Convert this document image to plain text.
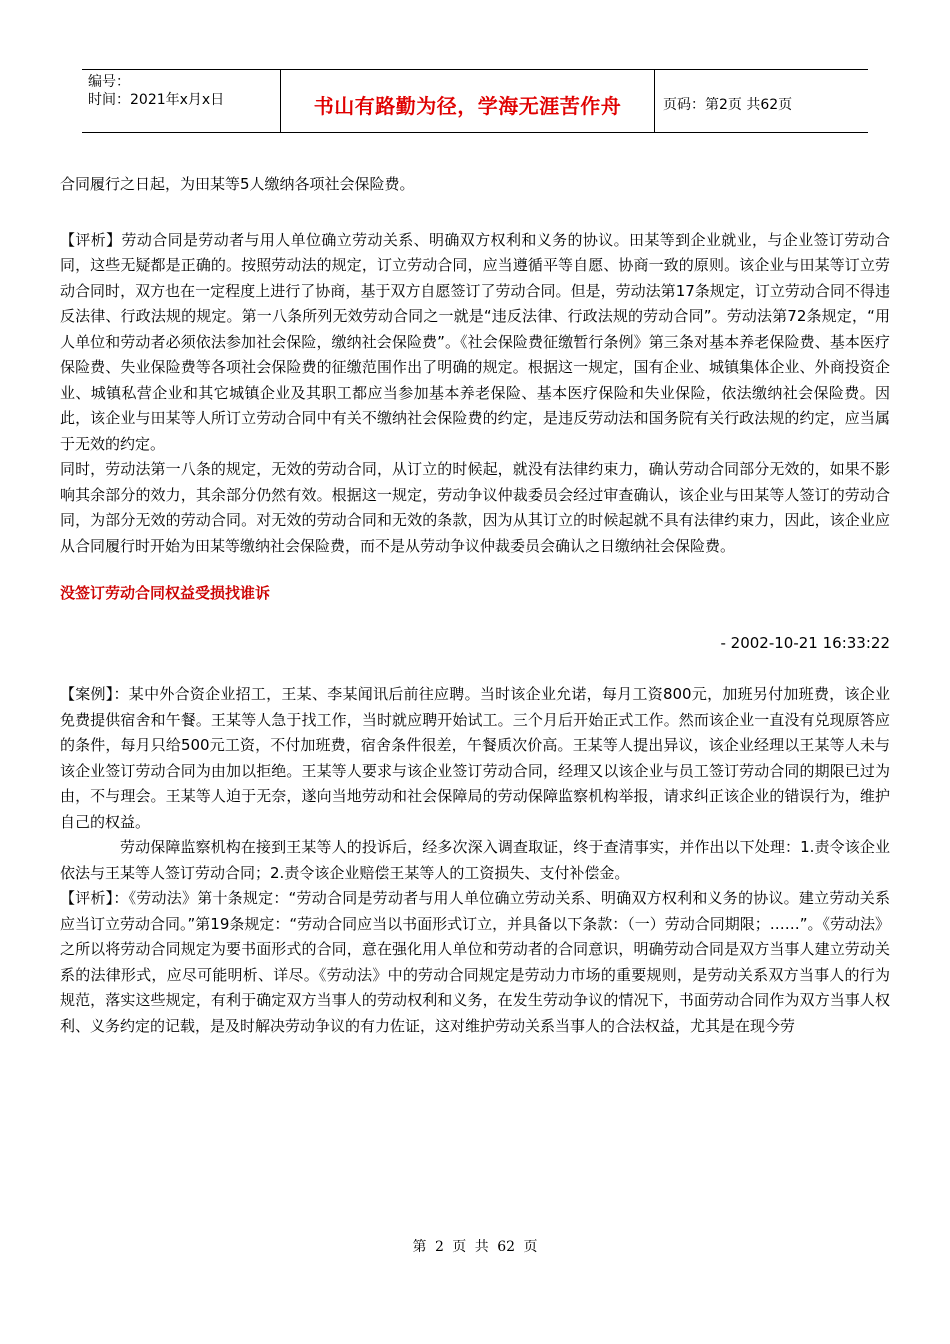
编号：
时间：2021年x月x日	书山有路勤为径，学海无涯苦作舟	页码：第2页 共62页

合同履行之日起，为田某等5人缴纳各项社会保险费。

【评析】劳动合同是劳动者与用人单位确立劳动关系、明确双方权利和义务的协议。田某等到企业就业，与企业签订劳动合同，这些无疑都是正确的。按照劳动法的规定，订立劳动合同，应当遵循平等自愿、协商一致的原则。该企业与田某等订立劳动合同时，双方也在一定程度上进行了协商，基于双方自愿签订了劳动合同。但是，劳动法第17条规定，订立劳动合同不得违反法律、行政法规的规定。第一八条所列无效劳动合同之一就是“违反法律、行政法规的劳动合同”。劳动法第72条规定，“用人单位和劳动者必须依法参加社会保险，缴纳社会保险费”。《社会保险费征缴暂行条例》第三条对基本养老保险费、基本医疗保险费、失业保险费等各项社会保险费的征缴范围作出了明确的规定。根据这一规定，国有企业、城镇集体企业、外商投资企业、城镇私营企业和其它城镇企业及其职工都应当参加基本养老保险、基本医疗保险和失业保险，依法缴纳社会保险费。因此，该企业与田某等人所订立劳动合同中有关不缴纳社会保险费的约定，是违反劳动法和国务院有关行政法规的约定，应当属于无效的约定。

同时，劳动法第一八条的规定，无效的劳动合同，从订立的时候起，就没有法律约束力，确认劳动合同部分无效的，如果不影响其余部分的效力，其余部分仍然有效。根据这一规定，劳动争议仲裁委员会经过审查确认，该企业与田某等人签订的劳动合同，为部分无效的劳动合同。对无效的劳动合同和无效的条款，因为从其订立的时候起就不具有法律约束力，因此，该企业应从合同履行时开始为田某等缴纳社会保险费，而不是从劳动争议仲裁委员会确认之日缴纳社会保险费。

没签订劳动合同权益受损找谁诉

- 2002-10-21 16:33:22

【案例】：某中外合资企业招工，王某、李某闻讯后前往应聘。当时该企业允诺，每月工资800元，加班另付加班费，该企业免费提供宿舍和午餐。王某等人急于找工作，当时就应聘开始试工。三个月后开始正式工作。然而该企业一直没有兑现原答应的条件，每月只给500元工资，不付加班费，宿舍条件很差，午餐质次价高。王某等人提出异议，该企业经理以王某等人未与该企业签订劳动合同为由加以拒绝。王某等人要求与该企业签订劳动合同，经理又以该企业与员工签订劳动合同的期限已过为由，不与理会。王某等人迫于无奈，遂向当地劳动和社会保障局的劳动保障监察机构举报，请求纠正该企业的错误行为，维护自己的权益。

劳动保障监察机构在接到王某等人的投诉后，经多次深入调查取证，终于查清事实，并作出以下处理：1.责令该企业依法与王某等人签订劳动合同；2.责令该企业赔偿王某等人的工资损失、支付补偿金。

【评析】：《劳动法》第十条规定：“劳动合同是劳动者与用人单位确立劳动关系、明确双方权利和义务的协议。建立劳动关系应当订立劳动合同。”第19条规定：“劳动合同应当以书面形式订立，并具备以下条款：（一）劳动合同期限；……”。《劳动法》之所以将劳动合同规定为要书面形式的合同，意在强化用人单位和劳动者的合同意识，明确劳动合同是双方当事人建立劳动关系的法律形式，应尽可能明析、详尽。《劳动法》中的劳动合同规定是劳动力市场的重要规则，是劳动关系双方当事人的行为规范，落实这些规定，有利于确定双方当事人的劳动权利和义务，在发生劳动争议的情况下，书面劳动合同作为双方当事人权利、义务约定的记载，是及时解决劳动争议的有力佐证，这对维护劳动关系当事人的合法权益，尤其是在现今劳

第 2 页 共 62 页
